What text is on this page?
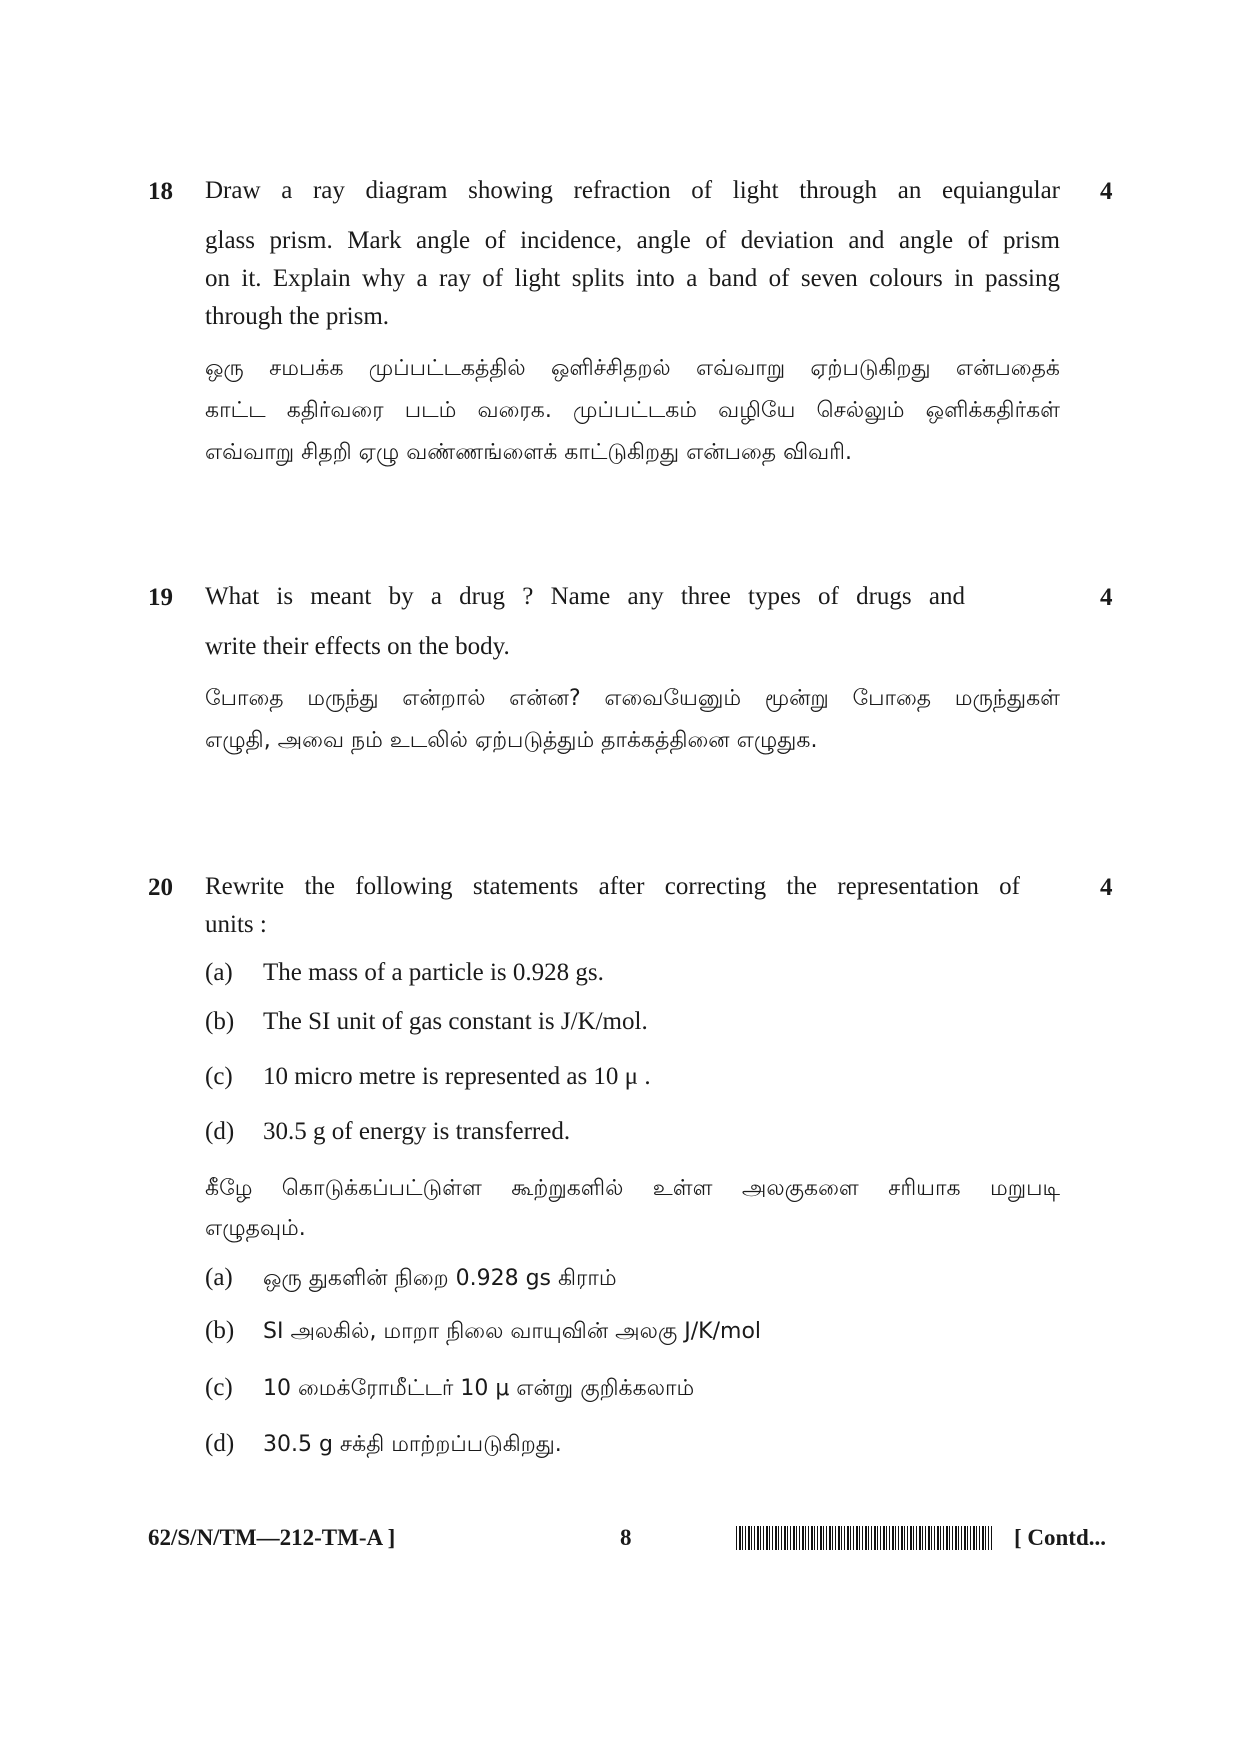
18	4
Draw a ray diagram showing refraction of light through an equiangular
glass prism. Mark angle of incidence, angle of deviation and angle of prism
on it. Explain why a ray of light splits into a band of seven colours in passing
through the prism.
ஒரு சமபக்க முப்பட்டகத்தில் ஒளிச்சிதறல் எவ்வாறு ஏற்படுகிறது என்பதைக்
காட்ட கதிர்வரை படம் வரைக. முப்பட்டகம் வழியே செல்லும் ஒளிக்கதிர்கள்
எவ்வாறு சிதறி ஏழு வண்ணங்ளைக் காட்டுகிறது என்பதை விவரி.
19	4
What is meant by a drug ? Name any three types of drugs and
write their effects on the body.
போதை மருந்து என்றால் என்ன? எவையேனும் மூன்று போதை மருந்துகள்
எழுதி, அவை நம் உடலில் ஏற்படுத்தும் தாக்கத்தினை எழுதுக.
20	4
Rewrite the following statements after correcting the representation of
units :
(a) The mass of a particle is 0.928 gs.
(b) The SI unit of gas constant is J/K/mol.
(c) 10 micro metre is represented as 10 μ .
(d) 30.5 g of energy is transferred.
கீழே கொடுக்கப்பட்டுள்ள கூற்றுகளில் உள்ள அலகுகளை சரியாக மறுபடி
எழுதவும்.
(a) ஒரு துகளின் நிறை 0.928 gs கிராம்
(b) SI அலகில், மாறா நிலை வாயுவின் அலகு J/K/mol
(c) 10 மைக்ரோமீட்டர் 10 μ என்று குறிக்கலாம்
(d) 30.5 g சக்தி மாற்றப்படுகிறது.
62/S/N/TM—212-TM-A ]	8	[ Contd...
